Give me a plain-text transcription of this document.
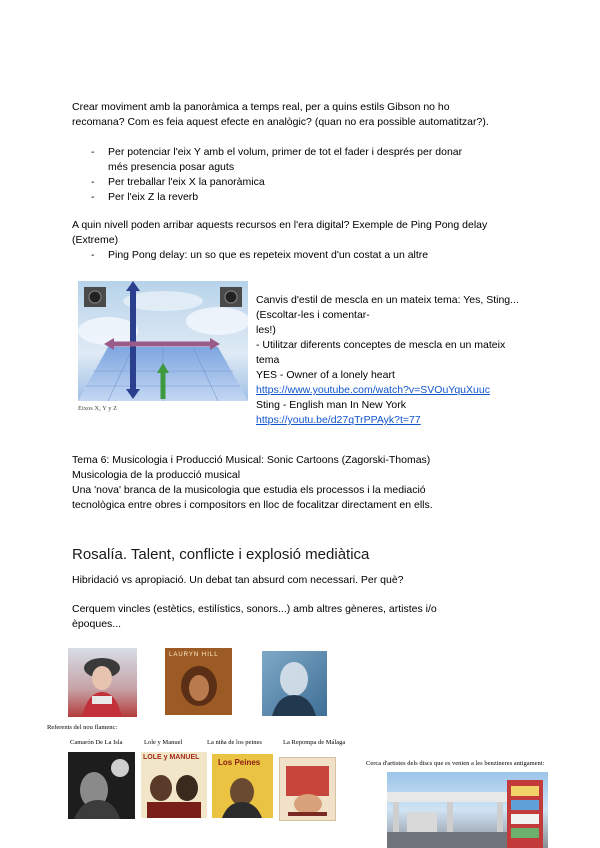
Crear moviment amb la panoràmica a temps real, per a quins estils Gibson no ho recomana? Com es feia aquest efecte en analògic? (quan no era possible automatitzar?).
- Per potenciar l'eix Y amb el volum, primer de tot el fader i després per donar més presencia posar aguts
- Per treballar l'eix X la panoràmica
- Per l'eix Z la reverb
A quin nivell poden arribar aquests recursos en l'era digital? Exemple de Ping Pong delay (Extreme)
- Ping Pong delay: un so que es repeteix movent d'un costat a un altre
Eixos X, Y y Z
Canvis d'estil de mescla en un mateix tema: Yes, Sting... (Escoltar-les i comentar-
les!)
- Utilitzar diferents conceptes de mescla en un mateix tema
YES - Owner of a lonely heart
https://www.youtube.com/watch?v=SVOuYquXuuc
Sting - English man In New York
https://youtu.be/d27qTrPPAyk?t=77
Tema 6: Musicologia i Producció Musical: Sonic Cartoons (Zagorski-Thomas)
Musicologia de la producció musical
Una 'nova' branca de la musicologia que estudia els processos i la mediació tecnològica entre obres i compositors en lloc de focalitzar directament en ells.
Rosalía. Talent, conflicte i explosió mediàtica
Hibridació vs apropiació. Un debat tan absurd com necessari. Per què?
Cerquem vincles (estètics, estilístics, sonors...) amb altres gèneres, artistes i/o èpoques...
LAURYN HILL
Referents del nou flamenc:
Camarón De La Isla	Lole y Manuel	La niña de los peines	La Repompa de Málaga
LOLE y MANUEL
Los Peines	Cerca d'artistes dels discs que es venien a les benzineres antigament:
